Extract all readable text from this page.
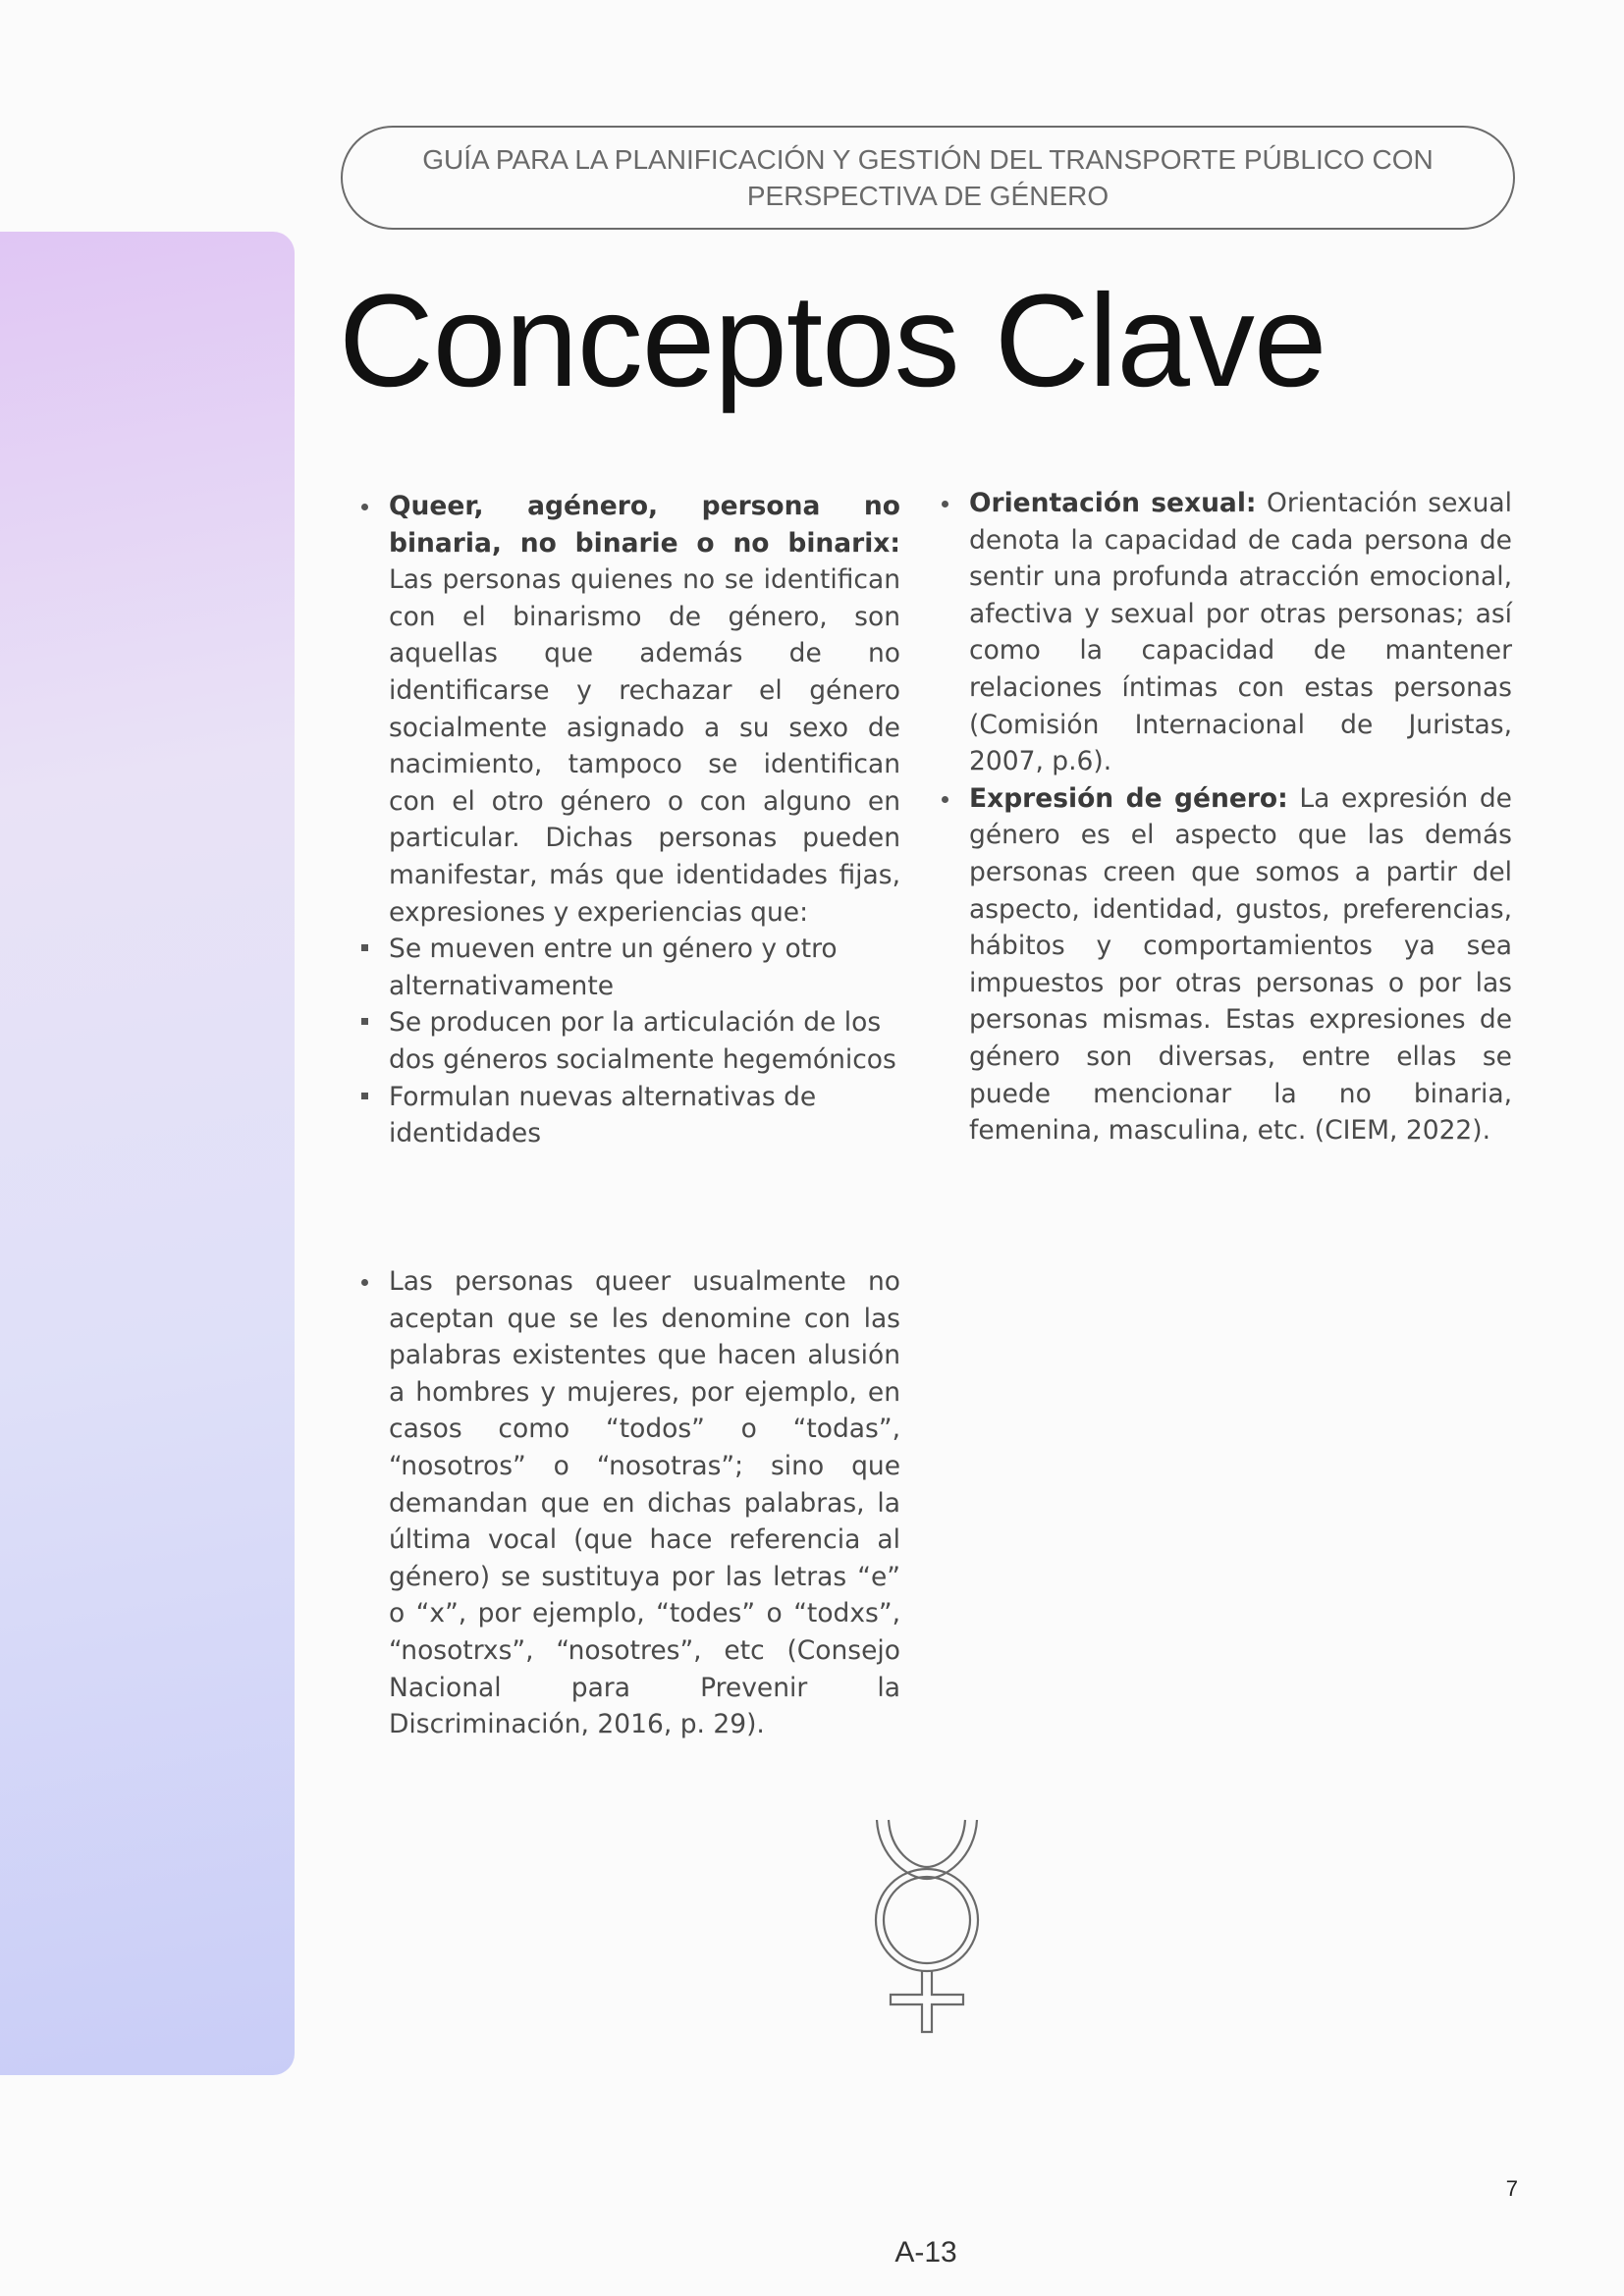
GUÍA PARA LA PLANIFICACIÓN Y GESTIÓN DEL TRANSPORTE PÚBLICO CON
PERSPECTIVA DE GÉNERO
Conceptos Clave
Queer, agénero, persona no binaria, no binarie o no binarix: Las personas quienes no se identifican con el binarismo de género, son aquellas que además de no identificarse y rechazar el género socialmente asignado a su sexo de nacimiento, tampoco se identifican con el otro género o con alguno en particular. Dichas personas pueden manifestar, más que identidades fijas, expresiones y experiencias que:
Se mueven entre un género y otro alternativamente
Se producen por la articulación de los dos géneros socialmente hegemónicos
Formulan nuevas alternativas de identidades
Las personas queer usualmente no aceptan que se les denomine con las palabras existentes que hacen alusión a hombres y mujeres, por ejemplo, en casos como “todos” o “todas”, “nosotros” o “nosotras”; sino que demandan que en dichas palabras, la última vocal (que hace referencia al género) se sustituya por las letras “e” o “x”, por ejemplo, “todes” o “todxs”, “nosotrxs”, “nosotres”, etc (Consejo Nacional para Prevenir la Discriminación, 2016, p. 29).
Orientación sexual: Orientación sexual denota la capacidad de cada persona de sentir una profunda atracción emocional, afectiva y sexual por otras personas; así como la capacidad de mantener relaciones íntimas con estas personas (Comisión Internacional de Juristas, 2007, p.6).
Expresión de género: La expresión de género es el aspecto que las demás personas creen que somos a partir del aspecto, identidad, gustos, preferencias, hábitos y comportamientos ya sea impuestos por otras personas o por las personas mismas. Estas expresiones de género son diversas, entre ellas se puede mencionar la no binaria, femenina, masculina, etc. (CIEM, 2022).
7
A-13
